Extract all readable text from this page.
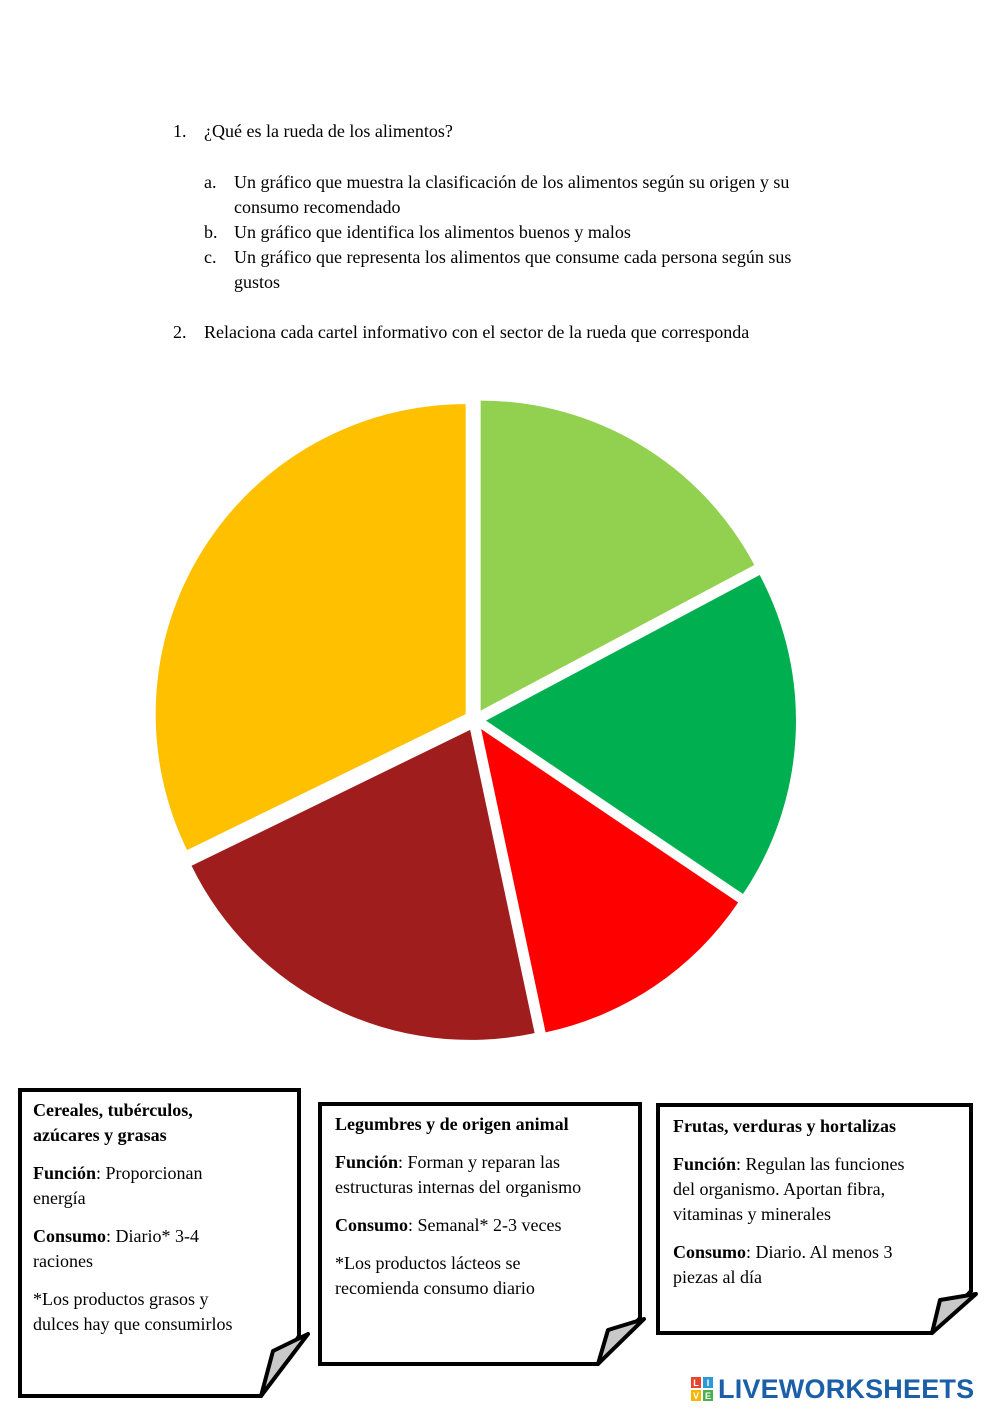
1. ¿Qué es la rueda de los alimentos?
a. Un gráfico que muestra la clasificación de los alimentos según su origen y su
consumo recomendado
b. Un gráfico que identifica los alimentos buenos y malos
c. Un gráfico que representa los alimentos que consume cada persona según sus
gustos
2. Relaciona cada cartel informativo con el sector de la rueda que corresponda

Cereales, tubérculos,
azúcares y grasas

Función: Proporcionan
energía

Consumo: Diario* 3-4
raciones

*Los productos grasos y
dulces hay que consumirlos

Legumbres y de origen animal

Función: Forman y reparan las
estructuras internas del organismo

Consumo: Semanal* 2-3 veces

*Los productos lácteos se
recomienda consumo diario

Frutas, verduras y hortalizas

Función: Regulan las funciones
del organismo. Aportan fibra,
vitaminas y minerales

Consumo: Diario. Al menos 3
piezas al día

L I
V E LIVEWORKSHEETS
